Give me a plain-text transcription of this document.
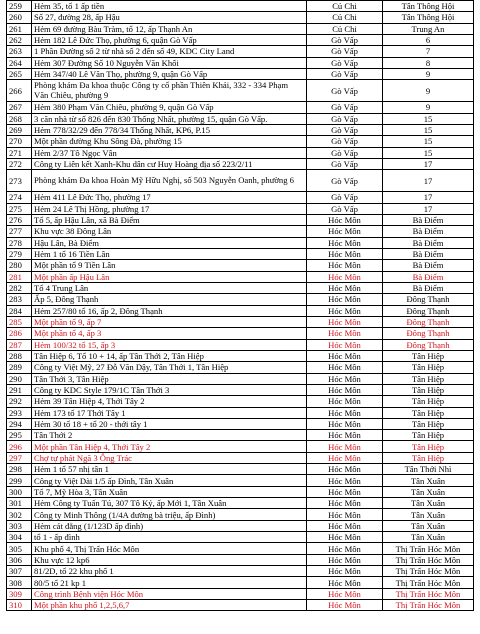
259	Hẻm 35, tổ 1 ấp tiền	Củ Chi	Tân Thông Hội
260	Số 27, đường 28, ấp Hậu	Củ Chi	Tân Thông Hội
261	Hẻm 69 đường Bàu Tràm, tổ 12, ấp Thạnh An	Củ Chi	Trung An
262	Hẻm 182 Lê Đức Thọ, phường 6, quận Gò Vấp	Gò Vấp	6
263	1 Phần Đường số 2 từ nhà số 2 đến số 49, KDC City Land	Gò Vấp	7
264	Hẻm 307 Đường Số 10 Nguyễn Văn Khối	Gò Vấp	8
265	Hẻm 347/40 Lê Văn Thọ, phường 9, quận Gò Vấp	Gò Vấp	9
266	Phòng khám Đa khoa thuộc Công ty cổ phần Thiên Khải, 332 - 334 Phạm Văn Chiêu, phường 9	Gò Vấp	9
267	Hẻm 380 Phạm Văn Chiêu, phường 9, quận Gò Vấp	Gò Vấp	9
268	3 căn nhà từ số 826 đến 830 Thống Nhất, phường 15, quận Gò Vấp.	Gò Vấp	15
269	Hẻm 778/32/29 đến 778/34 Thống Nhất, KP6, P.15	Gò Vấp	15
270	Một phần đường Khu Sông Đà, phường 15	Gò Vấp	15
271	Hẻm 2/37 Tô Ngọc Vân	Gò Vấp	15
272	Công ty Liên kết Xanh-Khu dân cư Huy Hoàng địa số 223/2/11	Gò Vấp	17
273	Phòng khám Đa khoa Hoàn Mỹ Hữu Nghị, số 503 Nguyễn Oanh, phường 6	Gò Vấp	17
274	Hẻm 411 Lê Đức Thọ, phường 17	Gò Vấp	17
275	Hẻm 24 Lê Thị Hồng, phường 17	Gò Vấp	17
276	Tổ 5, ấp Hậu Lân, xã Bà Điểm	Hóc Môn	Bà Điểm
277	Khu vực 38 Đông Lân	Hóc Môn	Bà Điểm
278	Hậu Lân, Bà Điểm	Hóc Môn	Bà Điểm
279	Hẻm 1 tổ 16 Tiền Lân	Hóc Môn	Bà Điểm
280	Một phần tổ 9 Tiền Lân	Hóc Môn	Bà Điểm
281	Một phần ấp Hậu Lân	Hóc Môn	Bà Điểm
282	Tổ 4 Trung Lân	Hóc Môn	Bà Điểm
283	Ấp 5, Đông Thạnh	Hóc Môn	Đông Thạnh
284	Hẻm 257/80 tổ 16, ấp 2, Đông Thạnh	Hóc Môn	Đông Thạnh
285	Một phần tổ 9, ấp 7	Hóc Môn	Đông Thạnh
286	Một phần tổ 4, ấp 3	Hóc Môn	Đông Thạnh
287	Hẻm 100/32 tổ 15, ấp 3	Hóc Môn	Đông Thạnh
288	Tân Hiệp 6, Tổ 10 + 14, ấp Tân Thới 2, Tân Hiệp	Hóc Môn	Tân Hiệp
289	Công ty Việt Mỹ, 27 Đỗ Văn Dậy, Tân Thới 1, Tân Hiệp	Hóc Môn	Tân Hiệp
290	Tân Thới 3, Tân Hiệp	Hóc Môn	Tân Hiệp
291	Công ty KDC Style 179/1C Tân Thới 3	Hóc Môn	Tân Hiệp
292	Hẻm 39 Tân Hiệp 4, Thới Tây 2	Hóc Môn	Tân Hiệp
293	Hẻm 173 tổ 17 Thới Tây 1	Hóc Môn	Tân Hiệp
294	Hẻm 30 tổ 18 + tổ 20 - thới tây 1	Hóc Môn	Tân Hiệp
295	Tân Thới 2	Hóc Môn	Tân Hiệp
296	Một phần Tân Hiệp 4, Thới Tây 2	Hóc Môn	Tân Hiệp
297	Chợ tự phát Ngã 3 Ông Trác	Hóc Môn	Tân Hiệp
298	Hẻm 1 tổ 57 nhị tân 1	Hóc Môn	Tân Thới Nhì
299	Công ty Việt Dài 1/5 ấp Đình, Tân Xuân	Hóc Môn	Tân Xuân
300	Tổ 7, Mỹ Hòa 3, Tân Xuân	Hóc Môn	Tân Xuân
301	Hẻm Công ty Tuấn Tú, 307 Tô Ký, ấp Mới 1, Tân Xuân	Hóc Môn	Tân Xuân
302	Công ty Minh Thông (1/4A đường bà triệu, ấp Đình)	Hóc Môn	Tân Xuân
303	Hẻm cát đằng (1/123D ấp đình)	Hóc Môn	Tân Xuân
304	tổ 1 - ấp đình	Hóc Môn	Tân Xuân
305	Khu phố 4, Thị Trấn Hóc Môn	Hóc Môn	Thị Trấn Hóc Môn
306	Khu vực 12 kp6	Hóc Môn	Thị Trấn Hóc Môn
307	81/2D, tổ 22 khu phố 1	Hóc Môn	Thị Trấn Hóc Môn
308	80/5 tổ 21 kp 1	Hóc Môn	Thị Trấn Hóc Môn
309	Công trình Bệnh viện Hóc Môn	Hóc Môn	Thị Trấn Hóc Môn
310	Một phần khu phố 1,2,5,6,7	Hóc Môn	Thị Trấn Hóc Môn
